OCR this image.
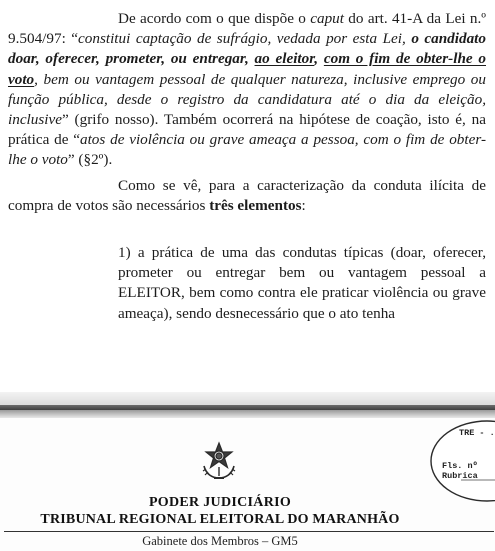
De acordo com o que dispõe o caput do art. 41-A da Lei n.º 9.504/97: “constitui captação de sufrágio, vedada por esta Lei, o candidato doar, oferecer, prometer, ou entregar, ao eleitor, com o fim de obter-lhe o voto, bem ou vantagem pessoal de qualquer natureza, inclusive emprego ou função pública, desde o registro da candidatura até o dia da eleição, inclusive” (grifo nosso). Também ocorrerá na hipótese de coação, isto é, na prática de “atos de violência ou grave ameaça a pessoa, com o fim de obter-lhe o voto” (§2º).

Como se vê, para a caracterização da conduta ilícita de compra de votos são necessários três elementos:

1) a prática de uma das condutas típicas (doar, oferecer, prometer ou entregar bem ou vantagem pessoal a ELEITOR, bem como contra ele praticar violência ou grave ameaça), sendo desnecessário que o ato tenha

PODER JUDICIÁRIO
TRIBUNAL REGIONAL ELEITORAL DO MARANHÃO
Gabinete dos Membros – GM5
TRE - .
Fls. nº
Rubrica
